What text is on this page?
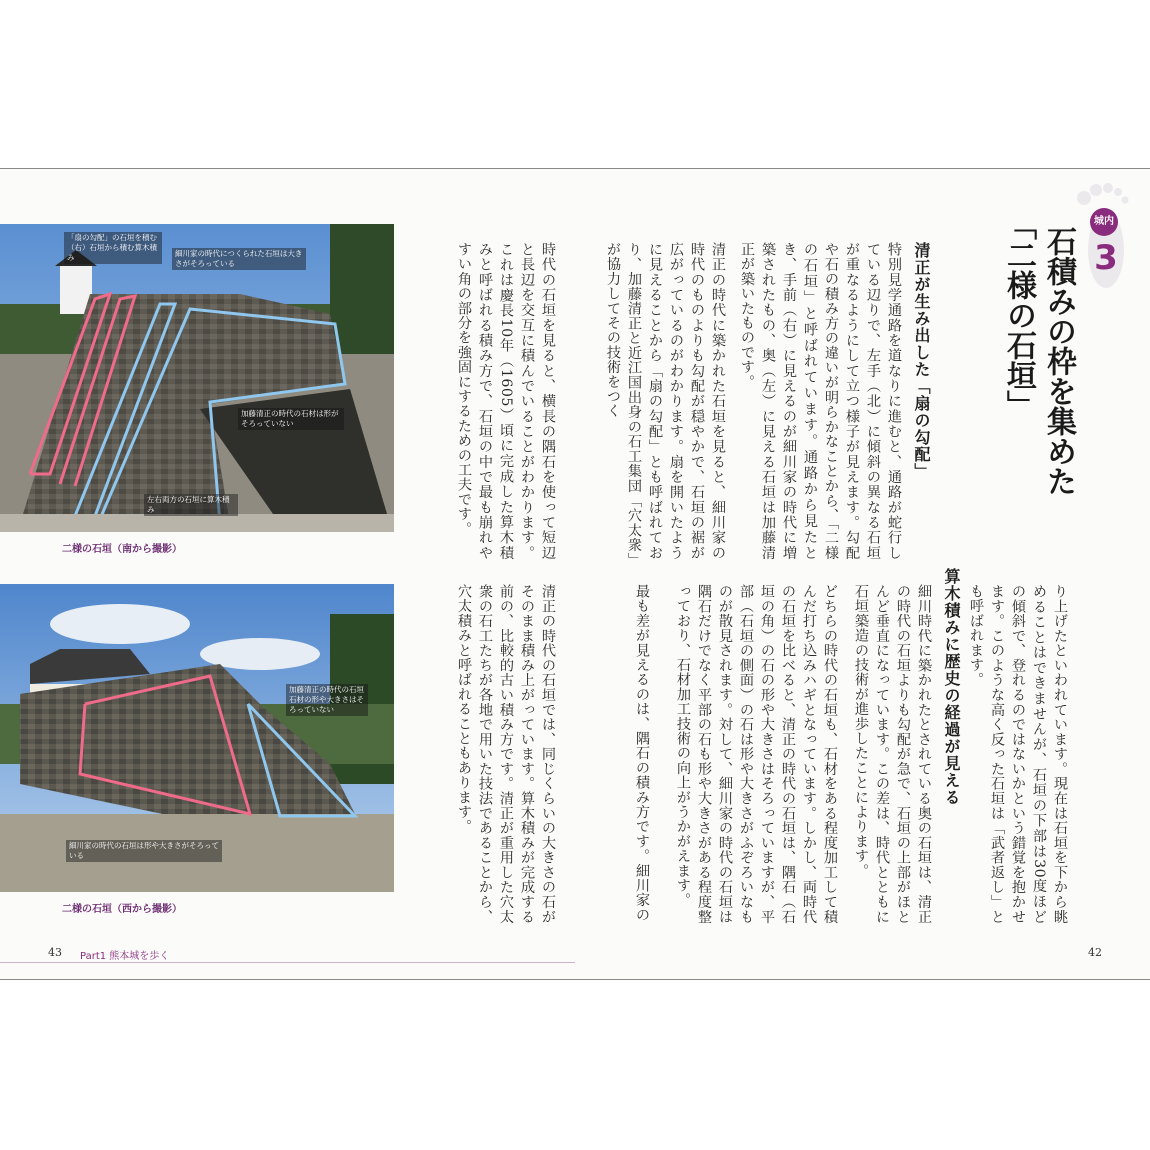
城内
3
石積みの枠を集めた
「二様の石垣」
清正が生み出した「扇の勾配」
特別見学通路を道なりに進むと、通路が蛇行している辺りで、左手（北）に傾斜の異なる石垣が重なるようにして立つ様子が見えます。勾配や石の積み方の違いが明らかなことから、「二様の石垣」と呼ばれています。通路から見たとき、手前（右）に見えるのが細川家の時代に増築されたもの、奥（左）に見える石垣は加藤清正が築いたものです。
清正の時代に築かれた石垣を見ると、細川家の時代のものよりも勾配が穏やかで、石垣の裾が広がっているのがわかります。扇を開いたように見えることから「扇の勾配」とも呼ばれており、加藤清正と近江国出身の石工集団「穴太衆」が協力してその技術をつく
り上げたといわれています。現在は石垣を下から眺めることはできませんが、石垣の下部は30度ほどの傾斜で、登れるのではないかという錯覚を抱かせます。このような高く反った石垣は「武者返し」とも呼ばれます。
算木積みに歴史の経過が見える
細川時代に築かれたとされている奥の石垣は、清正の時代の石垣よりも勾配が急で、石垣の上部がほとんど垂直になっています。この差は、時代とともに石垣築造の技術が進歩したことによります。
どちらの時代の石垣も、石材をある程度加工して積んだ打ち込みハギとなっています。しかし、両時代の石垣を比べると、清正の時代の石垣は、隅石（石垣の角）の石の形や大きさはそろっていますが、平部（石垣の側面）の石は形や大きさがふぞろいなものが散見されます。対して、細川家の時代の石垣は隅石だけでなく平部の石も形や大きさがある程度整っており、石材加工技術の向上がうかがえます。
最も差が見えるのは、隅石の積み方です。細川家の
時代の石垣を見ると、横長の隅石を使って短辺と長辺を交互に積んでいることがわかります。これは慶長10年（1605）頃に完成した算木積みと呼ばれる積み方で、石垣の中で最も崩れやすい角の部分を強固にするための工夫です。
清正の時代の石垣では、同じくらいの大きさの石がそのまま積み上がっています。算木積みが完成する前の、比較的古い積み方です。清正が重用した穴太衆の石工たちが各地で用いた技法であることから、穴太積みと呼ばれることもあります。
「扇の勾配」の石垣を積む（右）石垣から積む算木積み	細川家の時代につくられた石垣は大きさがそろっている
加藤清正の時代の石材は形がそろっていない
左右両方の石垣に算木積み
二様の石垣（南から撮影）
加藤清正の時代の石垣石材の形や大きさはそろっていない
細川家の時代の石垣は形や大きさがそろっている
二様の石垣（西から撮影）
43 Part1 熊本城を歩く	42
